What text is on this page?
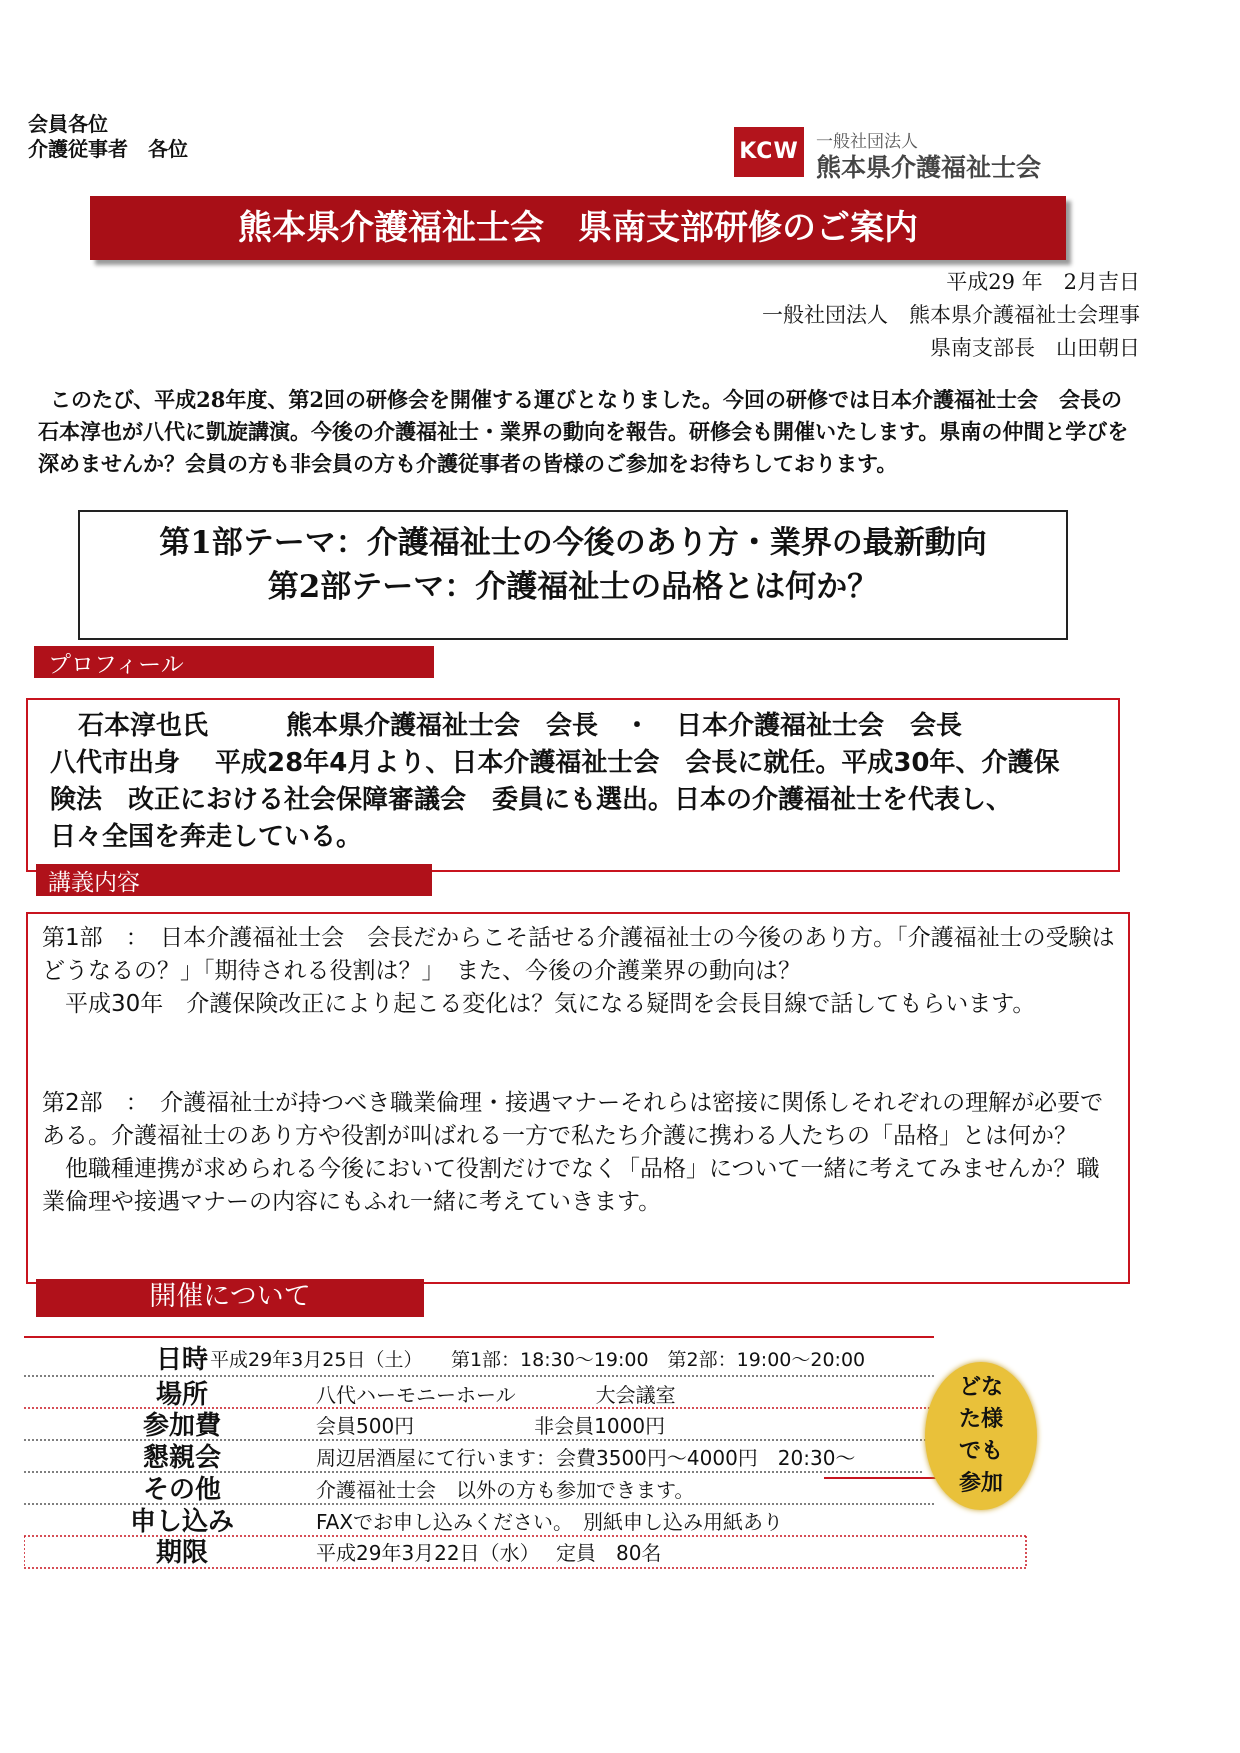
会員各位
介護従事者　各位	KCW	一般社団法人
熊本県介護福祉士会
熊本県介護福祉士会　県南支部研修のご案内
平成29 年　2月吉日
一般社団法人　熊本県介護福祉士会理事
県南支部長　山田朝日
このたび、平成28年度、第2回の研修会を開催する運びとなりました。今回の研修では日本介護福祉士会　会長の石本淳也が八代に凱旋講演。今後の介護福祉士・業界の動向を報告。研修会も開催いたします。県南の仲間と学びを深めませんか？会員の方も非会員の方も介護従事者の皆様のご参加をお待ちしております。
第1部テーマ：介護福祉士の今後のあり方・業界の最新動向
第2部テーマ：介護福祉士の品格とは何か？
プロフィール
石本淳也氏　　　熊本県介護福祉士会　会長　・　日本介護福祉士会　会長
八代市出身　 平成28年4月より、日本介護福祉士会　会長に就任。平成30年、介護保
険法　改正における社会保障審議会　委員にも選出。日本の介護福祉士を代表し、
日々全国を奔走している。
講義内容

第1部　：　日本介護福祉士会　会長だからこそ話せる介護福祉士の今後のあり方。「介護福祉士の受験はどうなるの？」「期待される役割は？」　また、今後の介護業界の動向は？

　平成30年　介護保険改正により起こる変化は？気になる疑問を会長目線で話してもらいます。

第2部　：　介護福祉士が持つべき職業倫理・接遇マナーそれらは密接に関係しそれぞれの理解が必要である。介護福祉士のあり方や役割が叫ばれる一方で私たち介護に携わる人たちの「品格」とは何か？

　他職種連携が求められる今後において役割だけでなく「品格」について一緒に考えてみませんか？職業倫理や接遇マナーの内容にもふれ一緒に考えていきます。

開催について
日時 平成29年3月25日（土）　　第1部：18:30～19:00　第2部：19:00～20:00
場所	八代ハーモニーホール　　　　大会議室
参加費	会員500円　　　　　　非会員1000円
懇親会	周辺居酒屋にて行います：会費3500円～4000円　20:30～
その他	介護福祉士会　以外の方も参加できます。
申し込み	FAXでお申し込みください。　別紙申し込み用紙あり
期限	平成29年3月22日（水）　 定員　80名
どな
た様
でも
参加
